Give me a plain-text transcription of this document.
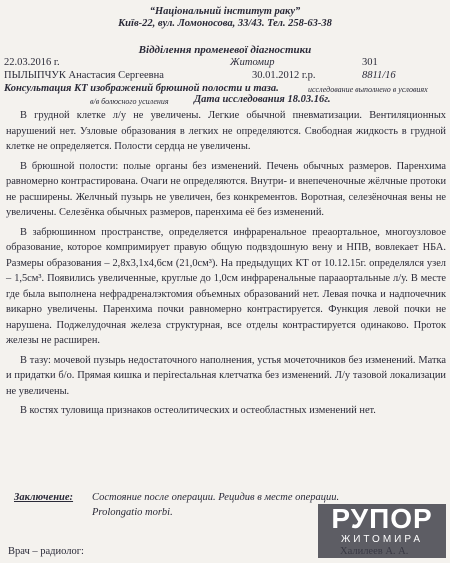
“Національний інститут раку”
Київ-22, вул. Ломоносова, 33/43. Тел. 258-63-38
Відділення променевої діагностики
22.03.2016 г.	Житомир	301
ПЫЛЫПЧУК Анастасия Сергеевна	30.01.2012 г.р.	8811/16
Консультация КТ изображений брюшной полости и таза.	исследование выполнено в условиях
в/в болюсного усиления Дата исследования 18.03.16г.

В грудной клетке л/у не увеличены. Легкие обычной пневматизации. Вентиляционных нарушений нет. Узловые образования в легких не определяются. Свободная жидкость в грудной клетке не определяется. Полости сердца не увеличены.

В брюшной полости: полые органы без изменений. Печень обычных размеров. Паренхима равномерно контрастирована. Очаги не определяются. Внутри- и внепеченочные жёлчные протоки не расширены. Желчный пузырь не увеличен, без конкрементов. Воротная, селезёночная вены не увеличены. Селезёнка обычных размеров, паренхима её без изменений.

В забрюшинном пространстве, определяется инфраренальное преаортальное, многоузловое образование, которое компримирует правую общую подвздошную вену и НПВ, вовлекает НБА. Размеры образования – 2,8х3,1х4,6см (21,0см³). На предыдущих КТ от 10.12.15г. определялся узел – 1,5см³. Появились увеличенные, круглые до 1,0см инфраренальные парааортальные л/у. В месте где была выполнена нефрадреналэктомия объемных образований нет. Левая почка и надпочечник викарно увеличены. Паренхима почки равномерно контрастируется. Функция левой почки не нарушена. Поджелудочная железа структурная, все отделы контрастируется одинаково. Проток железы не расширен.

В тазу: мочевой пузырь недостаточного наполнения, устья мочеточников без изменений. Матка и придатки б/о. Прямая кишка и перirectальная клетчатка без изменений. Л/у тазовой локализации не увеличены.

В костях туловища признаков остеолитических и остеобластных изменений нет.

Заключение: Состояние после операции. Рецидив в месте операции. Prolongatio morbi.
Врач – радиолог:
РУПОР
ЖИТОМИРА
